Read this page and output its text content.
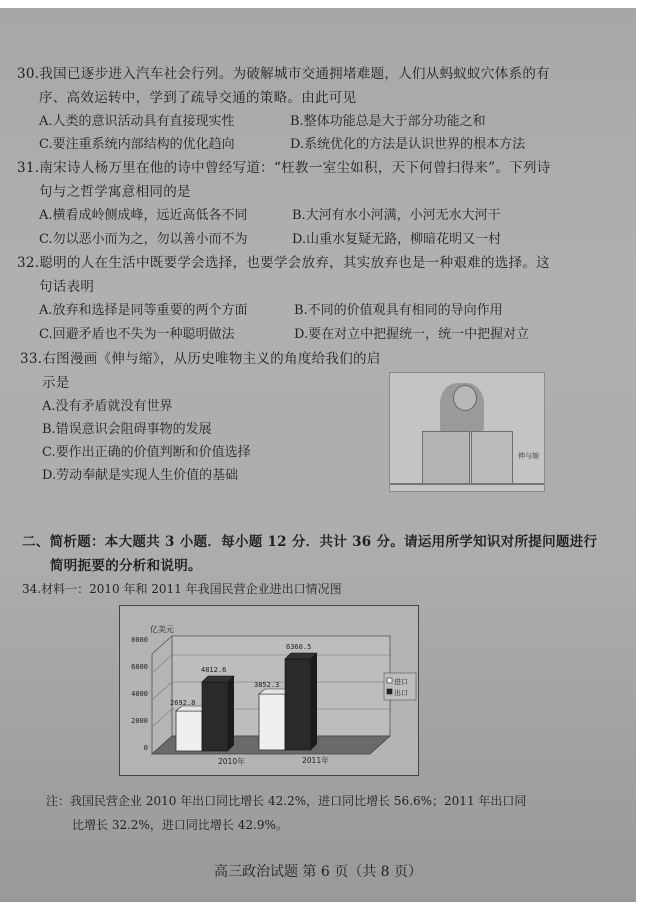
30.我国已逐步进入汽车社会行列。为破解城市交通拥堵难题，人们从蚂蚁蚁穴体系的有
序、高效运转中，学到了疏导交通的策略。由此可见
A.人类的意识活动具有直接现实性	B.整体功能总是大于部分功能之和
C.要注重系统内部结构的优化趋向	D.系统优化的方法是认识世界的根本方法
31.南宋诗人杨万里在他的诗中曾经写道：“枉教一室尘如积，天下何曾扫得来”。下列诗
句与之哲学寓意相同的是
A.横看成岭侧成峰，远近高低各不同	B.大河有水小河满，小河无水大河干
C.勿以恶小而为之，勿以善小而不为	D.山重水复疑无路，柳暗花明又一村
32.聪明的人在生活中既要学会选择，也要学会放弃，其实放弃也是一种艰难的选择。这
句话表明
A.放弃和选择是同等重要的两个方面	B.不同的价值观具有相同的导向作用
C.回避矛盾也不失为一种聪明做法	D.要在对立中把握统一，统一中把握对立
33.右图漫画《伸与缩》，从历史唯物主义的角度给我们的启
示是
A.没有矛盾就没有世界
B.错误意识会阻碍事物的发展
C.要作出正确的价值判断和价值选择
D.劳动奉献是实现人生价值的基础
伸与缩
二、简析题：本大题共 3 小题．每小题 12 分．共计 36 分。请运用所学知识对所提问题进行
简明扼要的分析和说明。
34.材料一：2010 年和 2011 年我国民营企业进出口情况图
亿美元
8000
6000
4000
2000
0
2692.8
4812.6
3852.3
6360.5
2010年	2011年
进口
出口
注：我国民营企业 2010 年出口同比增长 42.2%，进口同比增长 56.6%；2011 年出口同
比增长 32.2%，进口同比增长 42.9%。
高三政治试题 第 6 页（共 8 页）
